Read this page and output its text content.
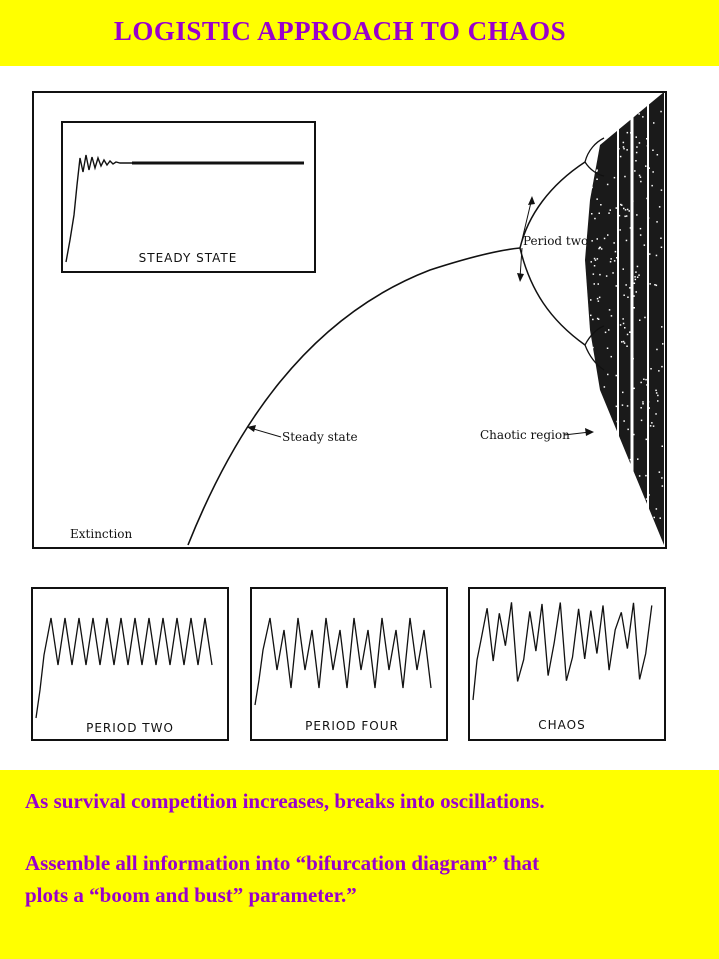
LOGISTIC APPROACH TO CHAOS
STEADY STATE
Period two
Steady state	Chaotic region
Extinction
PERIOD TWO	PERIOD FOUR	CHAOS
As survival competition increases, breaks into oscillations.
Assemble all information into “bifurcation diagram” that
plots a “boom and bust” parameter.”
